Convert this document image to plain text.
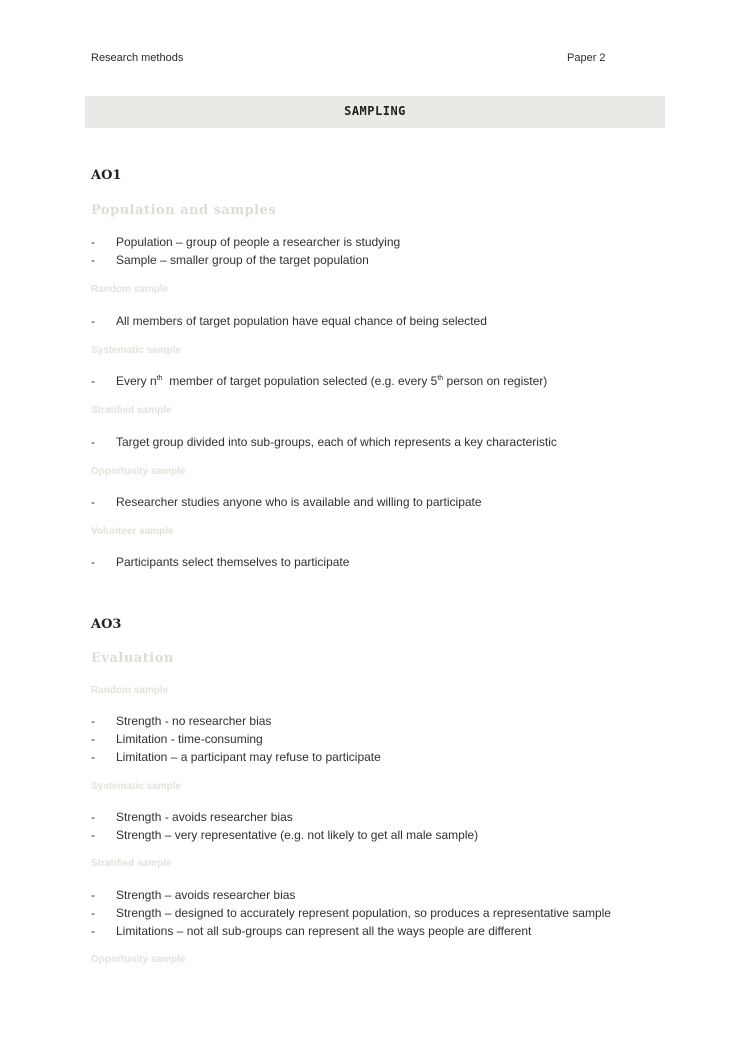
Research methods	Paper 2
SAMPLING
AO1
Population and samples
- Population – group of people a researcher is studying
- Sample – smaller group of the target population
Random sample
- All members of target population have equal chance of being selected
Systematic sample
- Every $n^{th}$  member of target population selected (e.g. every 5th person on register)
Stratified sample
- Target group divided into sub-groups, each of which represents a key characteristic
Opportunity sample
- Researcher studies anyone who is available and willing to participate
Volunteer sample
- Participants select themselves to participate
AO3
Evaluation
Random sample
- Strength - no researcher bias
- Limitation - time-consuming
- Limitation – a participant may refuse to participate
Systematic sample
- Strength - avoids researcher bias
- Strength – very representative (e.g. not likely to get all male sample)
Stratified sample
- Strength – avoids researcher bias
- Strength – designed to accurately represent population, so produces a representative sample
- Limitations – not all sub-groups can represent all the ways people are different
Opportunity sample
